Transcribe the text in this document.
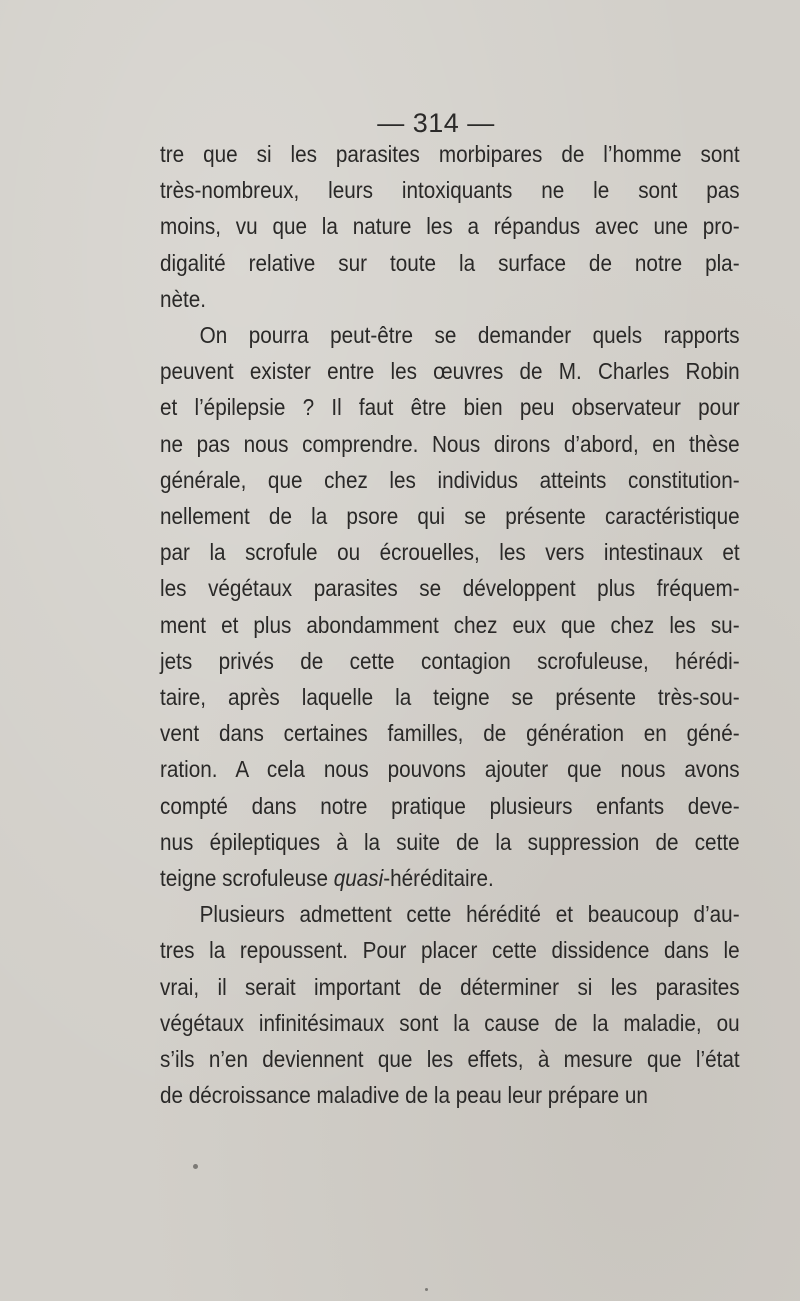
— 314 —
tre que si les parasites morbipares de l’homme sont
très-nombreux, leurs intoxiquants ne le sont pas
moins, vu que la nature les a répandus avec une pro-
digalité relative sur toute la surface de notre pla-
nète.
On pourra peut-être se demander quels rapports
peuvent exister entre les œuvres de M. Charles Robin
et l’épilepsie ? Il faut être bien peu observateur pour
ne pas nous comprendre. Nous dirons d’abord, en thèse
générale, que chez les individus atteints constitution-
nellement de la psore qui se présente caractéristique
par la scrofule ou écrouelles, les vers intestinaux et
les végétaux parasites se développent plus fréquem-
ment et plus abondamment chez eux que chez les su-
jets privés de cette contagion scrofuleuse, hérédi-
taire, après laquelle la teigne se présente très-sou-
vent dans certaines familles, de génération en géné-
ration. A cela nous pouvons ajouter que nous avons
compté dans notre pratique plusieurs enfants deve-
nus épileptiques à la suite de la suppression de cette
teigne scrofuleuse quasi-héréditaire.
Plusieurs admettent cette hérédité et beaucoup d’au-
tres la repoussent. Pour placer cette dissidence dans le
vrai, il serait important de déterminer si les parasites
végétaux infinitésimaux sont la cause de la maladie, ou
s’ils n’en deviennent que les effets, à mesure que l’état
de décroissance maladive de la peau leur prépare un
